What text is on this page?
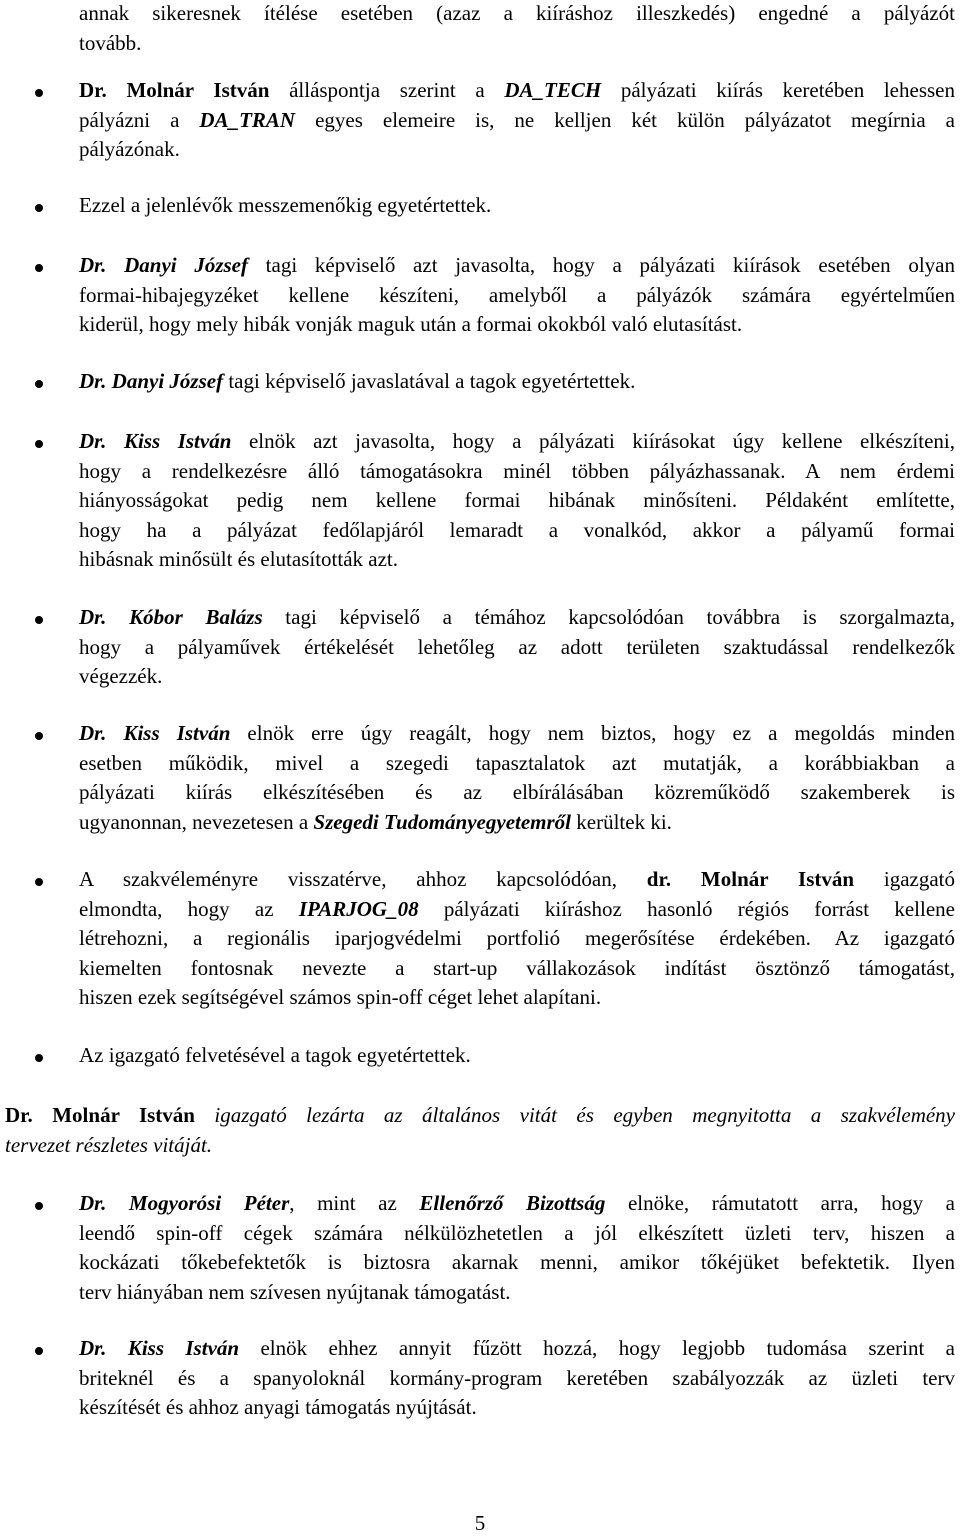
5
annak sikeresnek ítélése esetében (azaz a kiíráshoz illeszkedés) engedné a pályázót
tovább.
Dr. Molnár István álláspontja szerint a DA_TECH pályázati kiírás keretében lehessen
pályázni a DA_TRAN egyes elemeire is, ne kelljen két külön pályázatot megírnia a
pályázónak.
Ezzel a jelenlévők messzemenőkig egyetértettek.
Dr. Danyi József tagi képviselő azt javasolta, hogy a pályázati kiírások esetében olyan
formai-hibajegyzéket kellene készíteni, amelyből a pályázók számára egyértelműen
kiderül, hogy mely hibák vonják maguk után a formai okokból való elutasítást.
Dr. Danyi József tagi képviselő javaslatával a tagok egyetértettek.
Dr. Kiss István elnök azt javasolta, hogy a pályázati kiírásokat úgy kellene elkészíteni,
hogy a rendelkezésre álló támogatásokra minél többen pályázhassanak. A nem érdemi
hiányosságokat pedig nem kellene formai hibának minősíteni. Példaként említette,
hogy ha a pályázat fedőlapjáról lemaradt a vonalkód, akkor a pályamű formai
hibásnak minősült és elutasították azt.
Dr. Kóbor Balázs tagi képviselő a témához kapcsolódóan továbbra is szorgalmazta,
hogy a pályaművek értékelését lehetőleg az adott területen szaktudással rendelkezők
végezzék.
Dr. Kiss István elnök erre úgy reagált, hogy nem biztos, hogy ez a megoldás minden
esetben működik, mivel a szegedi tapasztalatok azt mutatják, a korábbiakban a
pályázati kiírás elkészítésében és az elbírálásában közreműködő szakemberek is
ugyanonnan, nevezetesen a Szegedi Tudományegyetemről kerültek ki.
A szakvéleményre visszatérve, ahhoz kapcsolódóan, dr. Molnár István igazgató
elmondta, hogy az IPARJOG_08 pályázati kiíráshoz hasonló régiós forrást kellene
létrehozni, a regionális iparjogvédelmi portfolió megerősítése érdekében. Az igazgató
kiemelten fontosnak nevezte a start-up vállakozások indítást ösztönző támogatást,
hiszen ezek segítségével számos spin-off céget lehet alapítani.
Az igazgató felvetésével a tagok egyetértettek.
Dr. Molnár István igazgató lezárta az általános vitát és egyben megnyitotta a szakvélemény
tervezet részletes vitáját.
Dr. Mogyorósi Péter, mint az Ellenőrző Bizottság elnöke, rámutatott arra, hogy a
leendő spin-off cégek számára nélkülözhetetlen a jól elkészített üzleti terv, hiszen a
kockázati tőkebefektetők is biztosra akarnak menni, amikor tőkéjüket befektetik. Ilyen
terv hiányában nem szívesen nyújtanak támogatást.
Dr. Kiss István elnök ehhez annyit fűzött hozzá, hogy legjobb tudomása szerint a
briteknél és a spanyoloknál kormány-program keretében szabályozzák az üzleti terv
készítését és ahhoz anyagi támogatás nyújtását.
